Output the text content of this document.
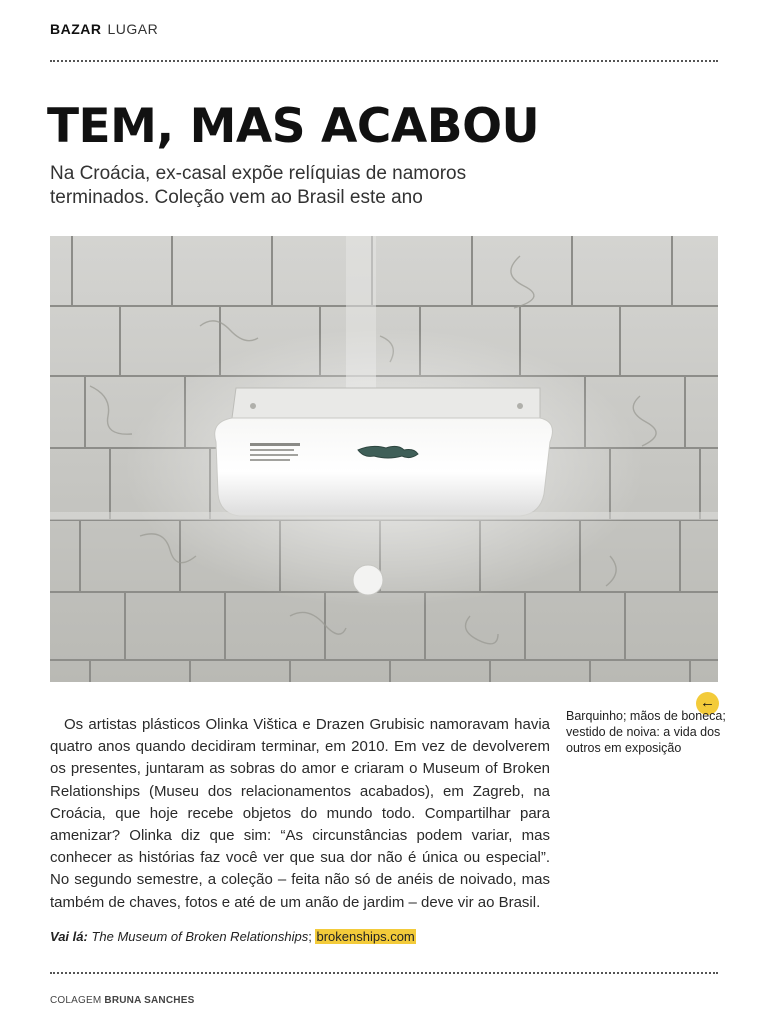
BAZAR LUGAR
TEM, MAS ACABOU

Na Croácia, ex-casal expõe relíquias de namoros terminados. Coleção vem ao Brasil este ano

Os artistas plásticos Olinka Vištica e Drazen Grubisic namoravam havia quatro anos quando decidiram terminar, em 2010. Em vez de devolverem os presentes, juntaram as sobras do amor e criaram o Museum of Broken Relationships (Museu dos relacionamentos acabados), em Zagreb, na Croácia, que hoje recebe objetos do mundo todo. Compartilhar para amenizar? Olinka diz que sim: “As circunstâncias podem variar, mas conhecer as histórias faz você ver que sua dor não é única ou especial”. No segundo semestre, a coleção – feita não só de anéis de noivado, mas também de chaves, fotos e até de um anão de jardim – deve vir ao Brasil.

Vai lá: The Museum of Broken Relationships; brokenships.com
←

Barquinho; mãos de boneca; vestido de noiva: a vida dos outros em exposição

COLAGEM BRUNA SANCHES
